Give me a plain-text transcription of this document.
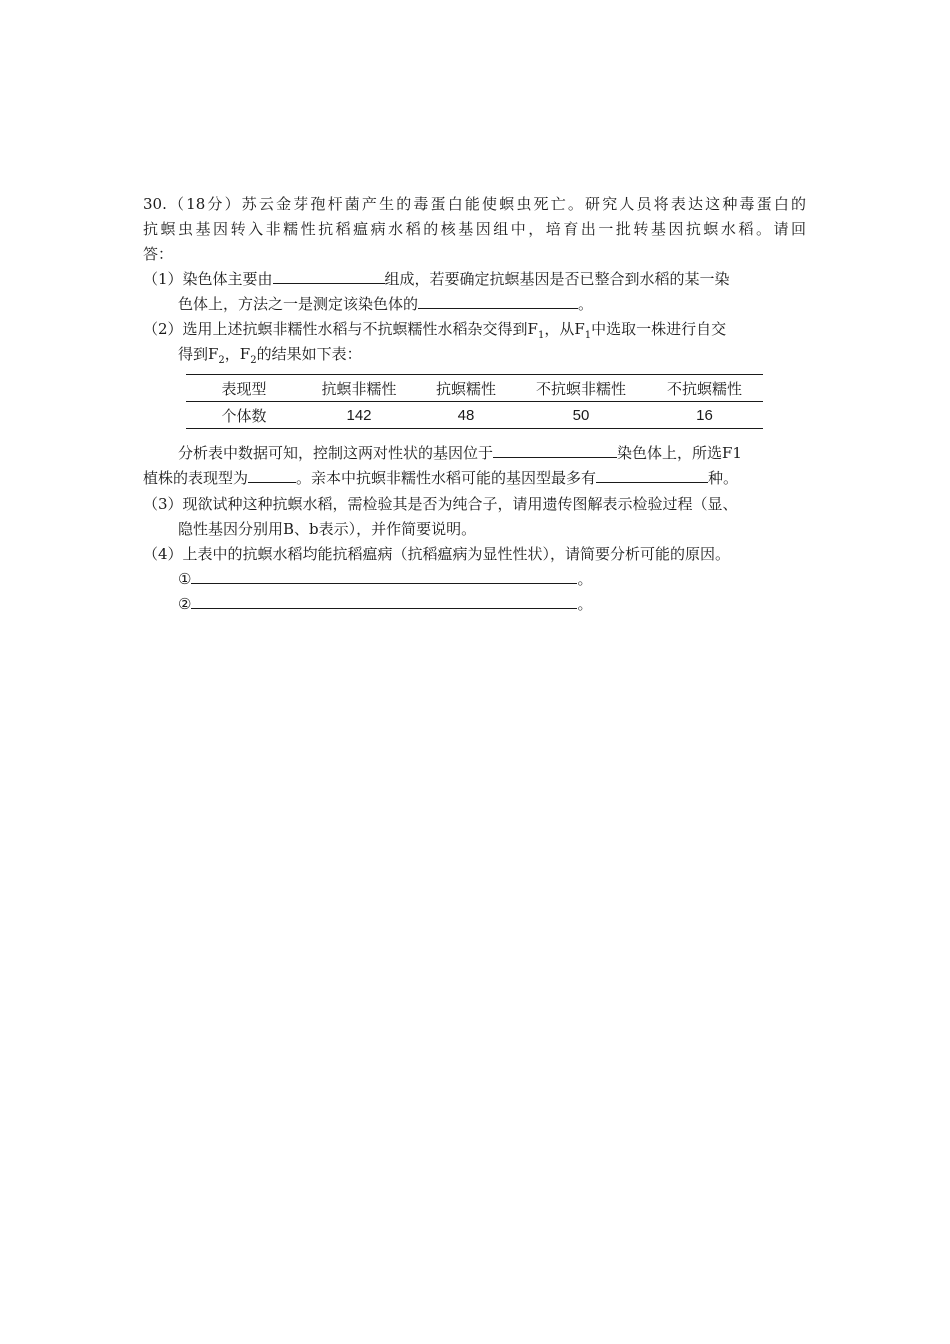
30.（18分）苏云金芽孢杆菌产生的毒蛋白能使螟虫死亡。研究人员将表达这种毒蛋白的
抗螟虫基因转入非糯性抗稻瘟病水稻的核基因组中，培育出一批转基因抗螟水稻。请回
答：
（1）染色体主要由	组成，若要确定抗螟基因是否已整合到水稻的某一染
色体上，方法之一是测定该染色体的	。
（2）选用上述抗螟非糯性水稻与不抗螟糯性水稻杂交得到$F_1$，从$F_1$中选取一株进行自交
得到$F_2$，$F_2$的结果如下表：
表现型	抗螟非糯性	抗螟糯性	不抗螟非糯性	不抗螟糯性
个体数	142	48	50	16
分析表中数据可知，控制这两对性状的基因位于	染色体上，所选F1
植株的表现型为	。亲本中抗螟非糯性水稻可能的基因型最多有	种。
（3）现欲试种这种抗螟水稻，需检验其是否为纯合子，请用遗传图解表示检验过程（显、
隐性基因分别用B、b表示），并作简要说明。
（4）上表中的抗螟水稻均能抗稻瘟病（抗稻瘟病为显性性状），请简要分析可能的原因。
①	。
②	。
